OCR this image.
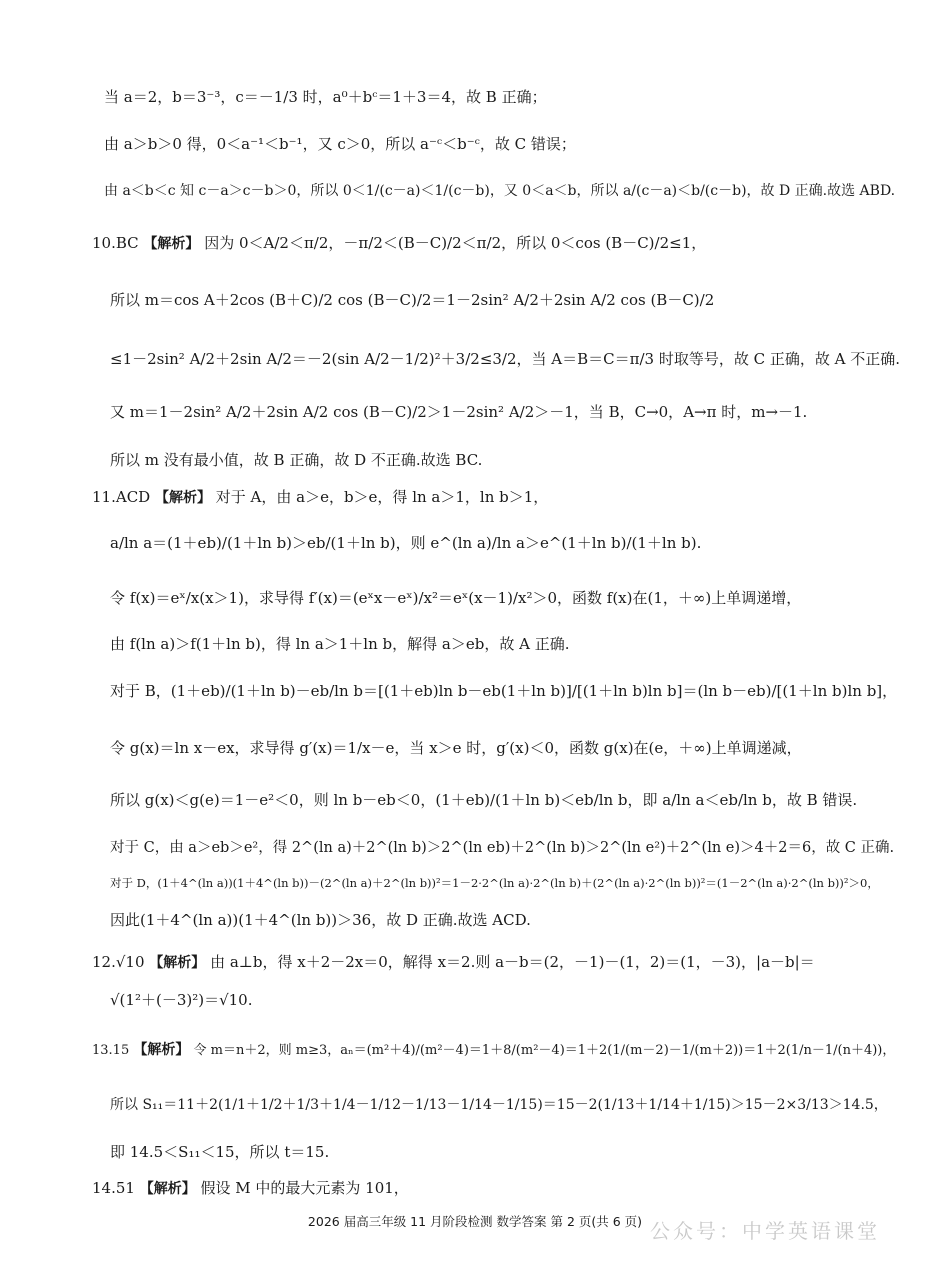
当 a＝2，b＝3⁻³，c＝－1/3 时，a⁰＋bᶜ＝1＋3＝4，故 B 正确；
由 a＞b＞0 得，0＜a⁻¹＜b⁻¹，又 c＞0，所以 a⁻ᶜ＜b⁻ᶜ，故 C 错误；
由 a＜b＜c 知 c－a＞c－b＞0，所以 0＜1/(c－a)＜1/(c－b)，又 0＜a＜b，所以 a/(c－a)＜b/(c－b)，故 D 正确.故选 ABD.
10.BC 【解析】 因为 0＜A/2＜π/2，－π/2＜(B－C)/2＜π/2，所以 0＜cos (B－C)/2≤1，
所以 m＝cos A＋2cos (B＋C)/2 cos (B－C)/2＝1－2sin² A/2＋2sin A/2 cos (B－C)/2
≤1－2sin² A/2＋2sin A/2＝－2(sin A/2－1/2)²＋3/2≤3/2，当 A＝B＝C＝π/3 时取等号，故 C 正确，故 A 不正确.
又 m＝1－2sin² A/2＋2sin A/2 cos (B－C)/2＞1－2sin² A/2＞－1，当 B，C→0，A→π 时，m→－1.
所以 m 没有最小值，故 B 正确，故 D 不正确.故选 BC.
11.ACD 【解析】 对于 A，由 a＞e，b＞e，得 ln a＞1，ln b＞1，
a/ln a＝(1＋eb)/(1＋ln b)＞eb/(1＋ln b)，则 e^(ln a)/ln a＞e^(1＋ln b)/(1＋ln b).
令 f(x)＝eˣ/x(x＞1)，求导得 f′(x)＝(eˣx－eˣ)/x²＝eˣ(x－1)/x²＞0，函数 f(x)在(1，＋∞)上单调递增，
由 f(ln a)＞f(1＋ln b)，得 ln a＞1＋ln b，解得 a＞eb，故 A 正确.
对于 B，(1＋eb)/(1＋ln b)－eb/ln b＝[(1＋eb)ln b－eb(1＋ln b)]/[(1＋ln b)ln b]＝(ln b－eb)/[(1＋ln b)ln b]，
令 g(x)＝ln x－ex，求导得 g′(x)＝1/x－e，当 x＞e 时，g′(x)＜0，函数 g(x)在(e，＋∞)上单调递减，
所以 g(x)＜g(e)＝1－e²＜0，则 ln b－eb＜0，(1＋eb)/(1＋ln b)＜eb/ln b，即 a/ln a＜eb/ln b，故 B 错误.
对于 C，由 a＞eb＞e²，得 2^(ln a)＋2^(ln b)＞2^(ln eb)＋2^(ln b)＞2^(ln e²)＋2^(ln e)＞4＋2＝6，故 C 正确.
对于 D，(1＋4^(ln a))(1＋4^(ln b))－(2^(ln a)＋2^(ln b))²＝1－2·2^(ln a)·2^(ln b)＋(2^(ln a)·2^(ln b))²＝(1－2^(ln a)·2^(ln b))²＞0，
因此(1＋4^(ln a))(1＋4^(ln b))＞36，故 D 正确.故选 ACD.
12.√10 【解析】 由 a⊥b，得 x＋2－2x＝0，解得 x＝2.则 a－b＝(2，－1)－(1，2)＝(1，－3)，|a－b|＝
√(1²＋(－3)²)＝√10.
13.15 【解析】 令 m＝n＋2，则 m≥3，aₙ＝(m²＋4)/(m²－4)＝1＋8/(m²－4)＝1＋2(1/(m－2)－1/(m＋2))＝1＋2(1/n－1/(n＋4))，
所以 S₁₁＝11＋2(1/1＋1/2＋1/3＋1/4－1/12－1/13－1/14－1/15)＝15－2(1/13＋1/14＋1/15)＞15－2×3/13＞14.5，
即 14.5＜S₁₁＜15，所以 t＝15.
14.51 【解析】 假设 M 中的最大元素为 101，
2026 届高三年级 11 月阶段检测 数学答案 第 2 页(共 6 页) 公众号：中学英语课堂
